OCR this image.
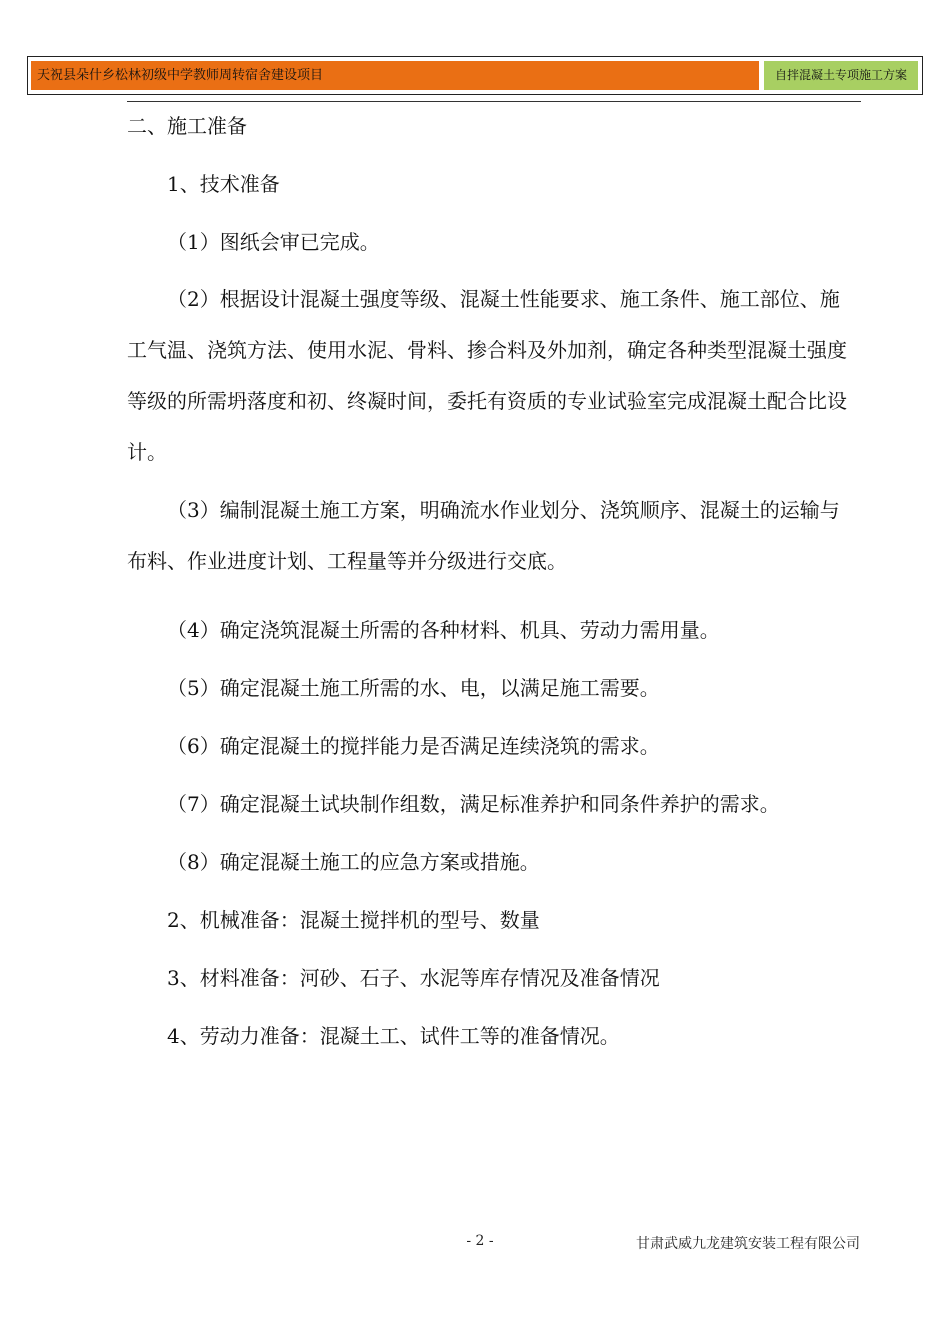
天祝县朵什乡松林初级中学教师周转宿舍建设项目	自拌混凝土专项施工方案

二、施工准备

1、技术准备

（1）图纸会审已完成。

（2）根据设计混凝土强度等级、混凝土性能要求、施工条件、施工部位、施工气温、浇筑方法、使用水泥、骨料、掺合料及外加剂，确定各种类型混凝土强度等级的所需坍落度和初、终凝时间，委托有资质的专业试验室完成混凝土配合比设计。

（3）编制混凝土施工方案，明确流水作业划分、浇筑顺序、混凝土的运输与布料、作业进度计划、工程量等并分级进行交底。

（4）确定浇筑混凝土所需的各种材料、机具、劳动力需用量。

（5）确定混凝土施工所需的水、电，以满足施工需要。

（6）确定混凝土的搅拌能力是否满足连续浇筑的需求。

（7）确定混凝土试块制作组数，满足标准养护和同条件养护的需求。

（8）确定混凝土施工的应急方案或措施。

2、机械准备：混凝土搅拌机的型号、数量

3、材料准备：河砂、石子、水泥等库存情况及准备情况

4、劳动力准备：混凝土工、试件工等的准备情况。

- 2 -	甘肃武威九龙建筑安装工程有限公司
